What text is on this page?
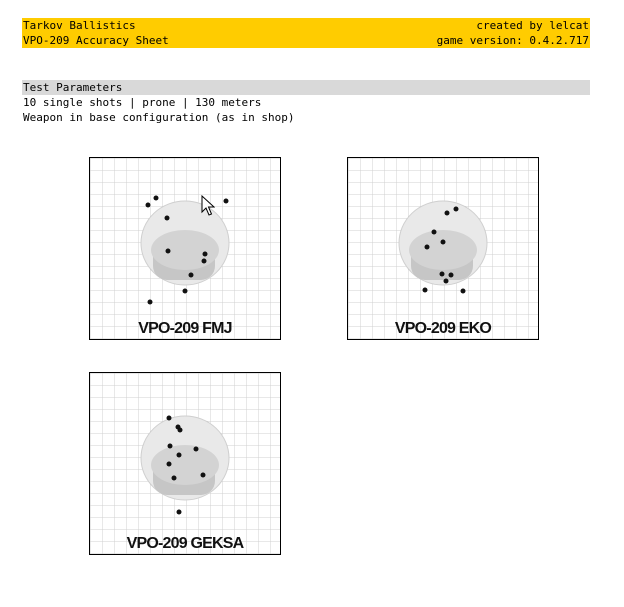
Tarkov Ballistics	created by lelcat
VPO-209 Accuracy Sheet	game version: 0.4.2.717
Test Parameters
10 single shots | prone | 130 meters
Weapon in base configuration (as in shop)
VPO-209 FMJ	VPO-209 EKO
VPO-209 GEKSA
